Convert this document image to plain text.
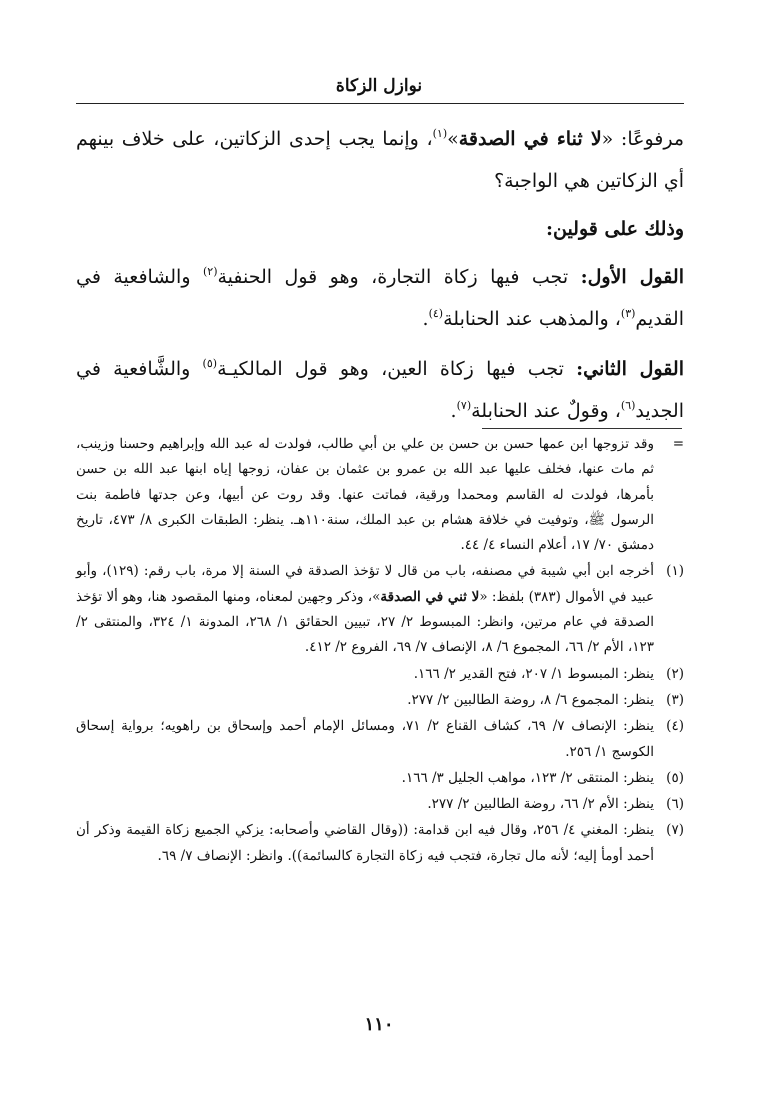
نوازل الزكاة

مرفوعًا: «لا ثناء في الصدقة»$^{(١)}$، وإنما يجب إحدى الزكاتين، على خلاف بينهم أي الزكاتين هي الواجبة؟

وذلك على قولين:

القول الأول: تجب فيها زكاة التجارة، وهو قول الحنفية$^{(٢)}$ والشافعية في القديم$^{(٣)}$، والمذهب عند الحنابلة$^{(٤)}$.

القول الثاني: تجب فيها زكاة العين، وهو قول المالكيـة$^{(٥)}$ والشَّافعية في الجديد$^{(٦)}$، وقولٌ عند الحنابلة$^{(٧)}$.

=
وقد تزوجها ابن عمها حسن بن حسن بن علي بن أبي طالب، فولدت له عبد الله وإبراهيم وحسنا وزينب، ثم مات عنها، فخلف عليها عبد الله بن عمرو بن عثمان بن عفان، زوجها إياه ابنها عبد الله بن حسن بأمرها، فولدت له القاسم ومحمدا ورقية، فماتت عنها. وقد روت عن أبيها، وعن جدتها فاطمة بنت الرسول ﷺ، وتوفيت في خلافة هشام بن عبد الملك، سنة١١٠هـ. ينظر: الطبقات الكبرى ٨/ ٤٧٣، تاريخ دمشق ٧٠/ ١٧، أعلام النساء ٤/ ٤٤.
(١)
أخرجه ابن أبي شيبة في مصنفه، باب من قال لا تؤخذ الصدقة في السنة إلا مرة، باب رقم: (١٢٩)، وأبو عبيد في الأموال (٣٨٣) بلفظ: «لا ثني في الصدقة»، وذكر وجهين لمعناه، ومنها المقصود هنا، وهو ألا تؤخذ الصدقة في عام مرتين، وانظر: المبسوط ٢/ ٢٧، تبيين الحقائق ١/ ٢٦٨، المدونة ١/ ٣٢٤، والمنتقى ٢/ ١٢٣، الأم ٢/ ٦٦، المجموع ٦/ ٨، الإنصاف ٧/ ٦٩، الفروع ٢/ ٤١٢.
(٢)
ينظر: المبسوط ١/ ٢٠٧، فتح القدير ٢/ ١٦٦.
(٣)
ينظر: المجموع ٦/ ٨، روضة الطالبين ٢/ ٢٧٧.
(٤)
ينظر: الإنصاف ٧/ ٦٩، كشاف القناع ٢/ ٧١، ومسائل الإمام أحمد وإسحاق بن راهويه؛ برواية إسحاق الكوسج ١/ ٢٥٦.
(٥)
ينظر: المنتقى ٢/ ١٢٣، مواهب الجليل ٣/ ١٦٦.
(٦)
ينظر: الأم ٢/ ٦٦، روضة الطالبين ٢/ ٢٧٧.
(٧)
ينظر: المغني ٤/ ٢٥٦، وقال فيه ابن قدامة: ((وقال القاضي وأصحابه: يزكي الجميع زكاة القيمة وذكر أن أحمد أومأ إليه؛ لأنه مال تجارة، فتجب فيه زكاة التجارة كالسائمة)). وانظر: الإنصاف ٧/ ٦٩.
١١٠
